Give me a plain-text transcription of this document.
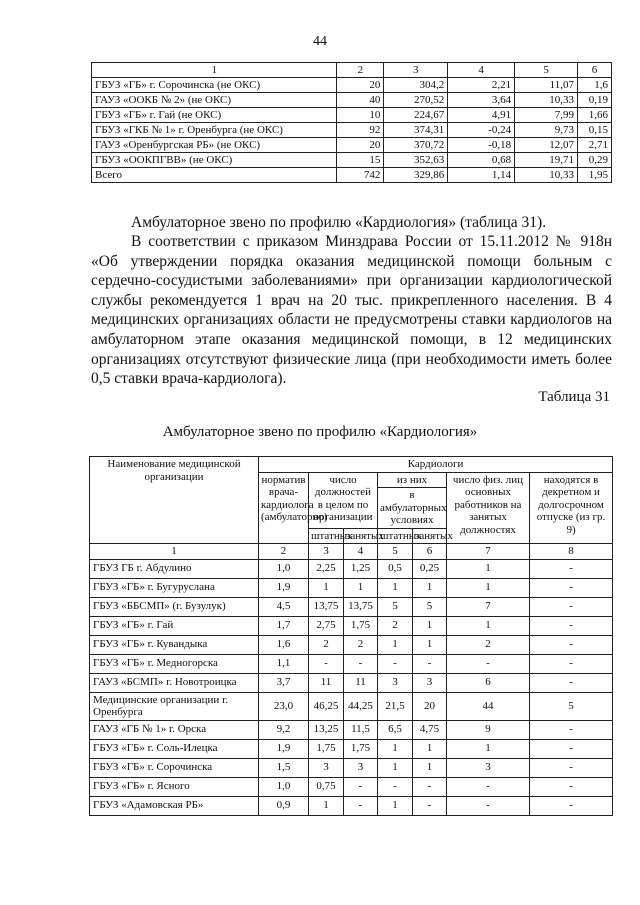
44
1	2	3	4	5	6
ГБУЗ «ГБ» г. Сорочинска (не ОКС)	20	304,2	2,21	11,07	1,6
ГАУЗ «ООКБ № 2» (не ОКС)	40	270,52	3,64	10,33	0,19
ГБУЗ «ГБ» г. Гай (не ОКС)	10	224,67	4,91	7,99	1,66
ГБУЗ «ГКБ № 1» г. Оренбурга (не ОКС)	92	374,31	-0,24	9,73	0,15
ГАУЗ «Оренбургская РБ» (не ОКС)	20	370,72	-0,18	12,07	2,71
ГБУЗ «ООКПГВВ» (не ОКС)	15	352,63	0,68	19,71	0,29
Всего	742	329,86	1,14	10,33	1,95
Амбулаторное звено по профилю «Кардиология» (таблица 31).
В соответствии с приказом Минздрава России от 15.11.2012 № 918н «Об утверждении порядка оказания медицинской помощи больным с сердечно-сосудистыми заболеваниями» при организации кардиологической службы рекомендуется 1 врач на 20 тыс. прикрепленного населения. В 4 медицинских организациях области не предусмотрены ставки кардиологов на амбулаторном этапе оказания медицинской помощи, в 12 медицинских организациях отсутствуют физические лица (при необходимости иметь более 0,5 ставки врача-кардиолога).
Таблица 31
Амбулаторное звено по профилю «Кардиология»
Наименование медицинской организации	Кардиологи						
	норматив врача-кардиолога (амбулаторно)	число должностей в целом по организации		из них		число физ. лиц основных работников на занятых должностях	находятся в декретном и долгосрочном отпуске (из гр. 9)
				в амбулаторных условиях			
		штатных	занятых	штатных	занятых		
1	2	3	4	5	6	7	8
ГБУЗ ГБ г. Абдулино	1,0	2,25	1,25	0,5	0,25	1	-
ГБУЗ «ГБ» г. Бугуруслана	1,9	1	1	1	1	1	-
ГБУЗ «ББСМП» (г. Бузулук)	4,5	13,75	13,75	5	5	7	-
ГБУЗ «ГБ» г. Гай	1,7	2,75	1,75	2	1	1	-
ГБУЗ «ГБ» г. Кувандыка	1,6	2	2	1	1	2	-
ГБУЗ «ГБ» г. Медногорска	1,1	-	-	-	-	-	-
ГАУЗ «БСМП» г. Новотроицка	3,7	11	11	3	3	6	-
Медицинские организации г. Оренбурга	23,0	46,25	44,25	21,5	20	44	5
ГАУЗ «ГБ № 1» г. Орска	9,2	13,25	11,5	6,5	4,75	9	-
ГБУЗ «ГБ» г. Соль-Илецка	1,9	1,75	1,75	1	1	1	-
ГБУЗ «ГБ» г. Сорочинска	1,5	3	3	1	1	3	-
ГБУЗ «ГБ» г. Ясного	1,0	0,75	-	-	-	-	-
ГБУЗ «Адамовская РБ»	0,9	1	-	1	-	-	-
